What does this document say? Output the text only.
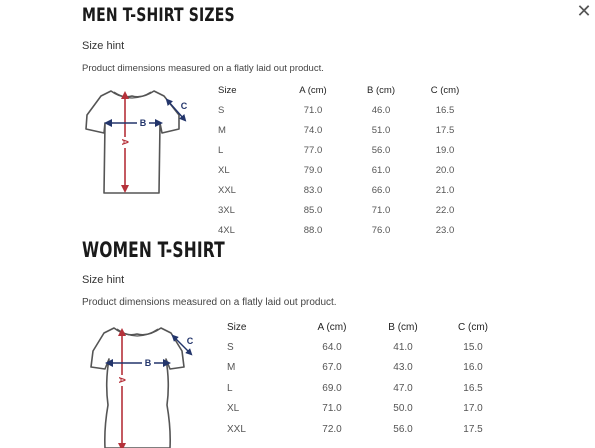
✕
MEN T-SHIRT SIZES

Size hint

Product dimensions measured on a flatly laid out product.

B
A
C
Size	A (cm)	B (cm)	C (cm)
S	71.0	46.0	16.5
M	74.0	51.0	17.5
L	77.0	56.0	19.0
XL	79.0	61.0	20.0
XXL	83.0	66.0	21.0
3XL	85.0	71.0	22.0
4XL	88.0	76.0	23.0
WOMEN T-SHIRT

Size hint

Product dimensions measured on a flatly laid out product.

B
A
C
Size	A (cm)	B (cm)	C (cm)
S	64.0	41.0	15.0
M	67.0	43.0	16.0
L	69.0	47.0	16.5
XL	71.0	50.0	17.0
XXL	72.0	56.0	17.5
